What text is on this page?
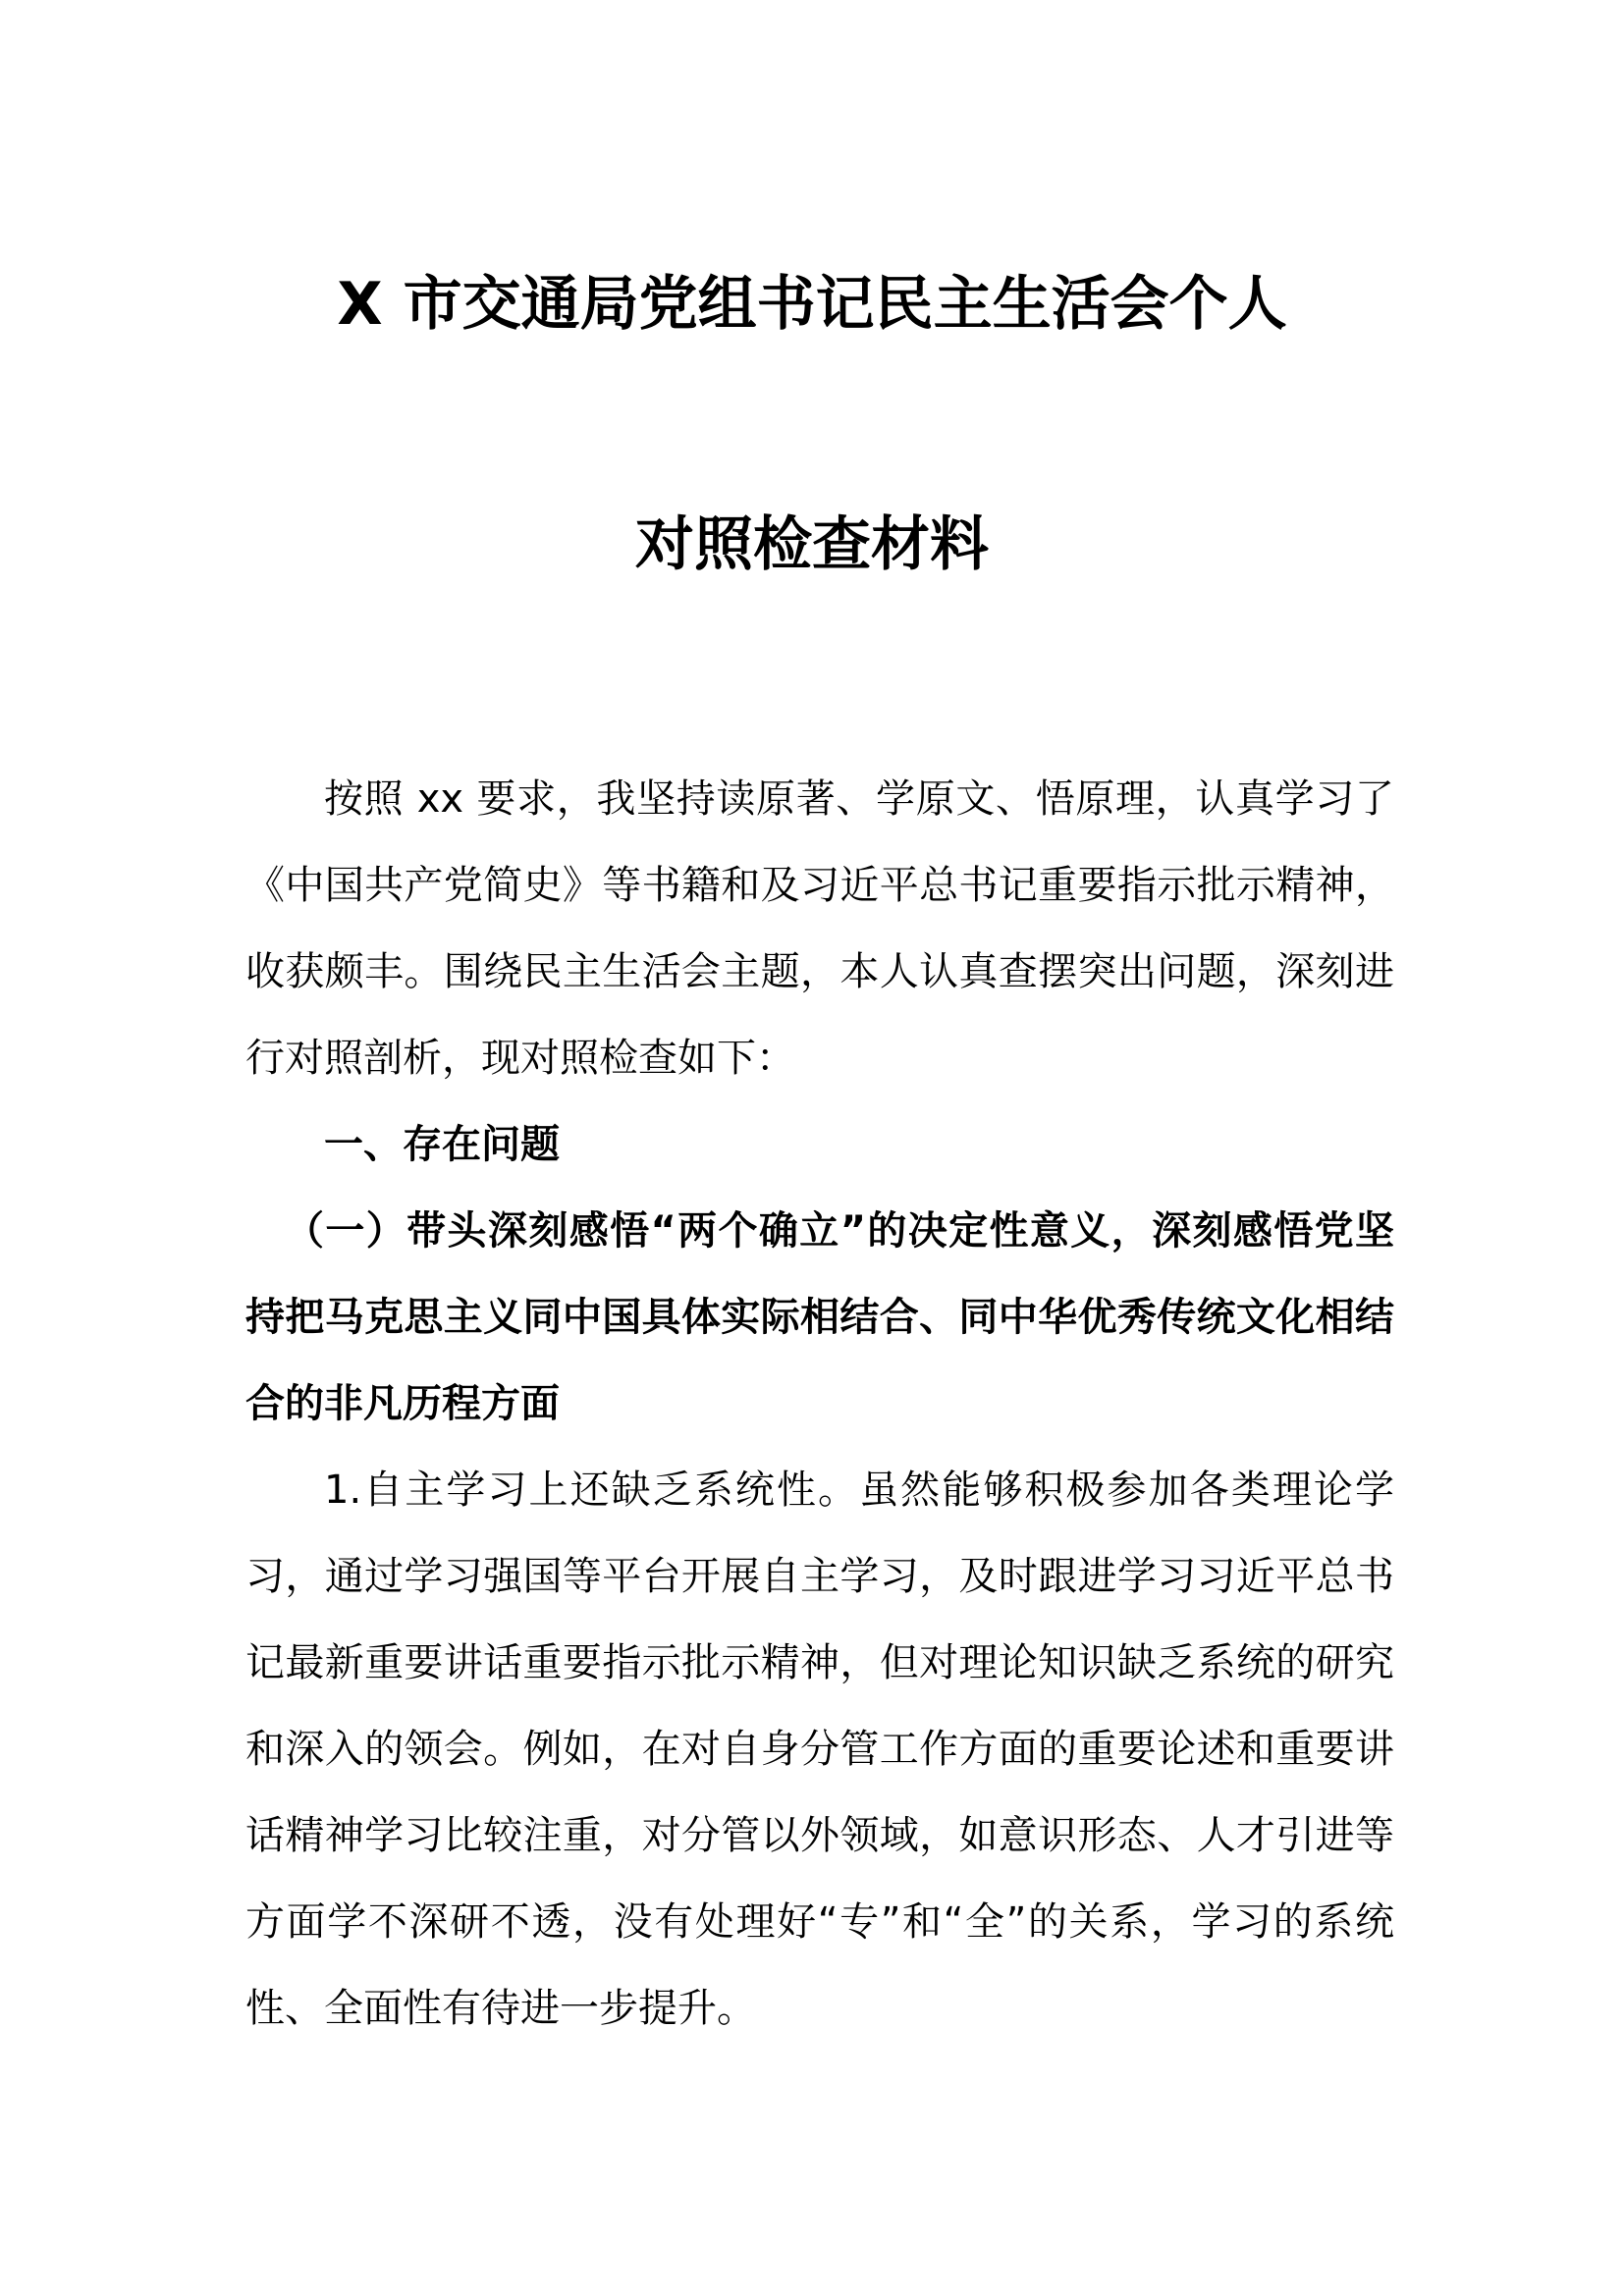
X 市交通局党组书记民主生活会个人
对照检查材料

按照 xx 要求，我坚持读原著、学原文、悟原理，认真学习了《中国共产党简史》等书籍和及习近平总书记重要指示批示精神，收获颇丰。围绕民主生活会主题，本人认真查摆突出问题，深刻进行对照剖析，现对照检查如下：

一、存在问题

（一）带头深刻感悟“两个确立”的决定性意义，深刻感悟党坚持把马克思主义同中国具体实际相结合、同中华优秀传统文化相结合的非凡历程方面

1.自主学习上还缺乏系统性。虽然能够积极参加各类理论学习，通过学习强国等平台开展自主学习，及时跟进学习习近平总书记最新重要讲话重要指示批示精神，但对理论知识缺乏系统的研究和深入的领会。例如，在对自身分管工作方面的重要论述和重要讲话精神学习比较注重，对分管以外领域，如意识形态、人才引进等方面学不深研不透，没有处理好“专”和“全”的关系，学习的系统性、全面性有待进一步提升。
